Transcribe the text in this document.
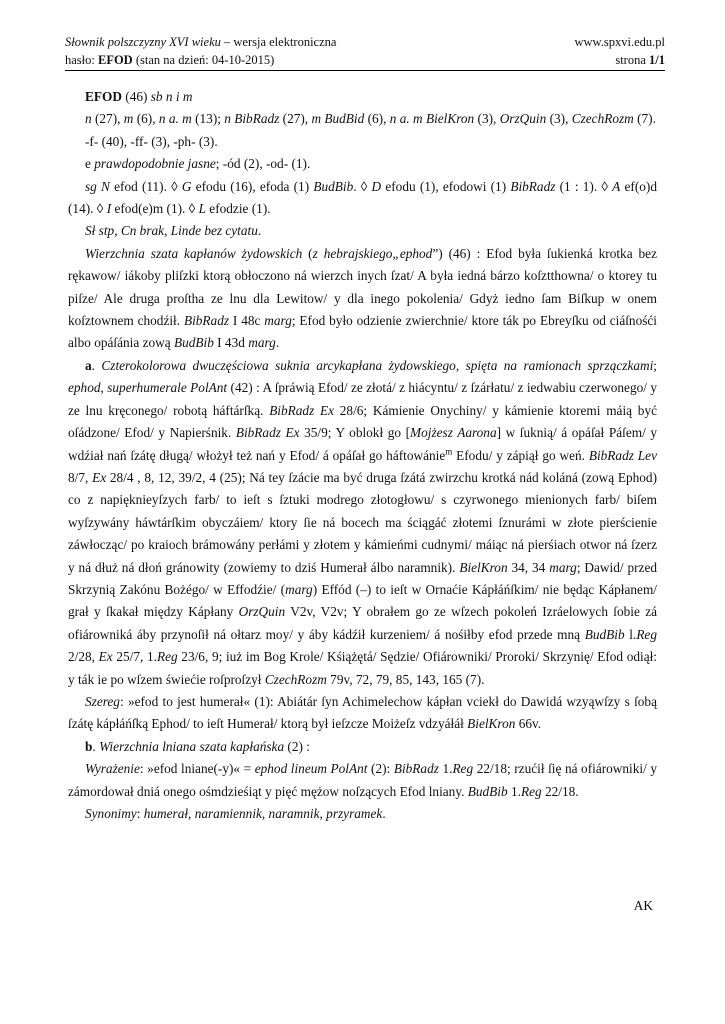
Słownik polszczyzny XVI wieku – wersja elektroniczna	www.spxvi.edu.pl
hasło: EFOD (stan na dzień: 04-10-2015)	strona 1/1

EFOD (46) sb n i m

n (27), m (6), n a. m (13); n BibRadz (27), m BudBid (6), n a. m BielKron (3), OrzQuin (3), CzechRozm (7).

-f- (40), -ff- (3), -ph- (3).

e prawdopodobnie jasne; -ód (2), -od- (1).

sg N efod (11). ◊ G efodu (16), efoda (1) BudBib. ◊ D efodu (1), efodowi (1) BibRadz (1 : 1). ◊ A ef(o)d (14). ◊ I efod(e)m (1). ◊ L efodzie (1).

Sł stp, Cn brak, Linde bez cytatu.

Wierzchnia szata kapłanów żydowskich (z hebrajskiego„ephod”) (46) : Efod była ſukienká krotka bez rękawow/ iákoby pliſzki ktorą obłoczono ná wierzch inych ſzat/ A była iedná bárzo koſztthowna/ o ktorey tu piſze/ Ale druga proſtha ze lnu dla Lewitow/ y dla inego pokolenia/ Gdyż iedno ſam Biſkup w onem koſztownem chodźił. BibRadz I 48c marg; Efod było odzienie zwierchnie/ ktore ták po Ebreyſku od ciáſnośći albo opáſánia zową BudBib I 43d marg.

a. Czterokolorowa dwuczęściowa suknia arcykapłana żydowskiego, spięta na ramionach sprzączkami; ephod, superhumerale PolAnt (42) : A ſpráwią Efod/ ze złotá/ z hiácyntu/ z ſzárłatu/ z iedwabiu czerwonego/ y ze lnu kręconego/ robotą háftárſką. BibRadz Ex 28/6; Kámienie Onychiny/ y kámienie ktoremi máią być oſádzone/ Efod/ y Napierśnik. BibRadz Ex 35/9; Y oblokł go [Mojżesz Aarona] w ſuknią/ á opáſał Páſem/ y wdźiał nań ſzátę długą/ włożył też nań y Efod/ á opáſał go háftowánie$^m$ Efodu/ y zápiął go weń. BibRadz Lev 8/7, Ex 28/4 , 8, 12, 39/2, 4 (25); Ná tey ſzácie ma być druga ſzátá zwirzchu krotká nád koláná (zową Ephod) co z napięknieyſzych farb/ to ieſt s ſztuki modrego złotogłowu/ s czyrwonego mienionych farb/ biſem wyſzywány háwtárſkim obyczáiem/ ktory ſie ná bocech ma ściągáć złotemi ſznurámi w złote pierścienie záwłocząc/ po kraioch brámowány perłámi y złotem y kámieńmi cudnymi/ máiąc ná pierśiach otwor ná ſzerz y ná dłuż ná dłoń gránowity (zowiemy to dziś Humerał álbo naramnik). BielKron 34, 34 marg; Dawid/ przed Skrzynią Zakónu Bożégo/ w Effodźie/ (marg) Effód (–) to ieſt w Ornaćie Kápłáńſkim/ nie będąc Kápłanem/ grał y ſkakał między Kápłany OrzQuin V2v, V2v; Y obrałem go ze wſzech pokoleń Izráelowych ſobie zá ofiárowniká áby przynoſił ná ołtarz moy/ y áby kádźił kurzeniem/ á nośiłby efod przede mną BudBib l.Reg 2/28, Ex 25/7, 1.Reg 23/6, 9; iuż im Bog Krole/ Kśiążętá/ Sędzie/ Ofiárowniki/ Proroki/ Skrzynię/ Efod odiął: y ták ie po wſzem świećie roſproſzył CzechRozm 79v, 72, 79, 85, 143, 165 (7).

Szereg: »efod to jest humerał« (1): Abiátár ſyn Achimelechow kápłan vciekł do Dawidá wzyąwſzy s ſobą ſzátę kápłáńſką Ephod/ to ieſt Humerał/ ktorą był ieſzcze Moiżeſz vdzyáłáł BielKron 66v.

b. Wierzchnia lniana szata kapłańska (2) :

Wyrażenie: »efod lniane(-y)« = ephod lineum PolAnt (2): BibRadz 1.Reg 22/18; rzućił ſię ná ofiárowniki/ y zámordował dniá onego ośmdzieśiąt y pięć mężow noſzących Efod lniany. BudBib 1.Reg 22/18.

Synonimy: humerał, naramiennik, naramnik, przyramek.

AK
